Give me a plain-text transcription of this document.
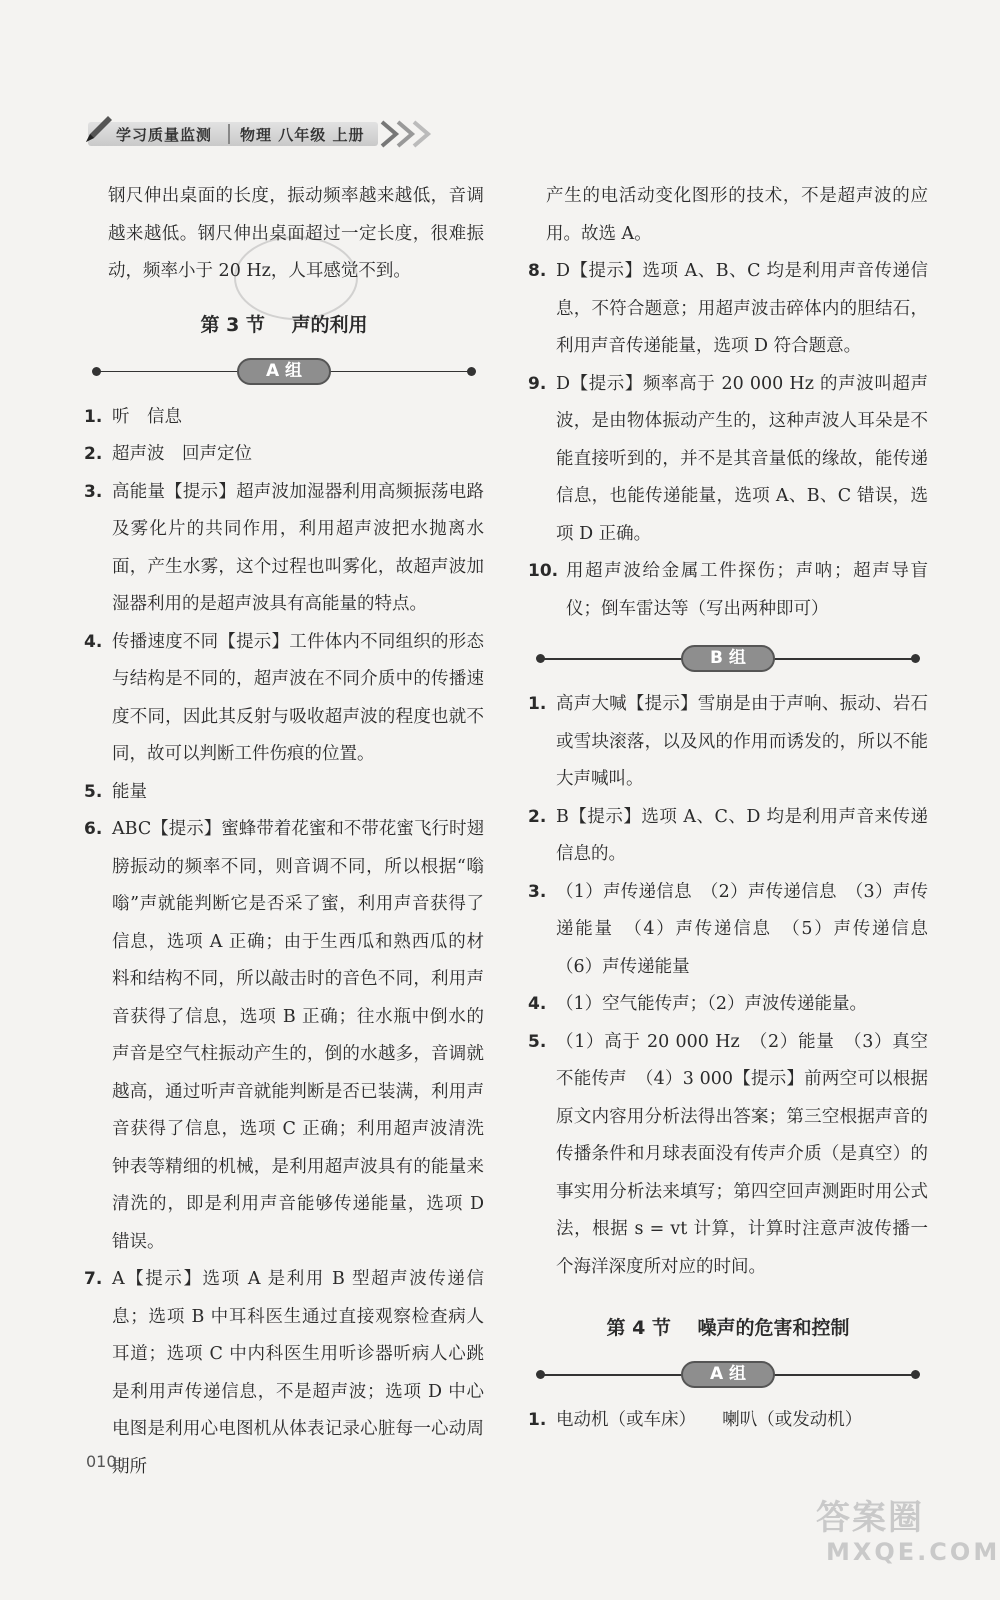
学习质量监测 物理 八年级 上册

钢尺伸出桌面的长度，振动频率越来越低，音调越来越低。钢尺伸出桌面超过一定长度，很难振动，频率小于 20 Hz，人耳感觉不到。

第 3 节 声的利用
A 组
1. 听　信息
2. 超声波　回声定位
3. 高能量【提示】超声波加湿器利用高频振荡电路及雾化片的共同作用，利用超声波把水抛离水面，产生水雾，这个过程也叫雾化，故超声波加湿器利用的是超声波具有高能量的特点。
4. 传播速度不同【提示】工件体内不同组织的形态与结构是不同的，超声波在不同介质中的传播速度不同，因此其反射与吸收超声波的程度也就不同，故可以判断工件伤痕的位置。
5. 能量
6. ABC【提示】蜜蜂带着花蜜和不带花蜜飞行时翅膀振动的频率不同，则音调不同，所以根据“嗡嗡”声就能判断它是否采了蜜，利用声音获得了信息，选项 A 正确；由于生西瓜和熟西瓜的材料和结构不同，所以敲击时的音色不同，利用声音获得了信息，选项 B 正确；往水瓶中倒水的声音是空气柱振动产生的，倒的水越多，音调就越高，通过听声音就能判断是否已装满，利用声音获得了信息，选项 C 正确；利用超声波清洗钟表等精细的机械，是利用超声波具有的能量来清洗的，即是利用声音能够传递能量，选项 D 错误。
7. A【提示】选项 A 是利用 B 型超声波传递信息；选项 B 中耳科医生通过直接观察检查病人耳道；选项 C 中内科医生用听诊器听病人心跳是利用声传递信息，不是超声波；选项 D 中心电图是利用心电图机从体表记录心脏每一心动周期所

产生的电活动变化图形的技术，不是超声波的应用。故选 A。

8. D【提示】选项 A、B、C 均是利用声音传递信息，不符合题意；用超声波击碎体内的胆结石，利用声音传递能量，选项 D 符合题意。
9. D【提示】频率高于 20 000 Hz 的声波叫超声波，是由物体振动产生的，这种声波人耳朵是不能直接听到的，并不是其音量低的缘故，能传递信息，也能传递能量，选项 A、B、C 错误，选项 D 正确。
10. 用超声波给金属工件探伤；声呐；超声导盲仪；倒车雷达等（写出两种即可）
B 组
1. 高声大喊【提示】雪崩是由于声响、振动、岩石或雪块滚落，以及风的作用而诱发的，所以不能大声喊叫。
2. B【提示】选项 A、C、D 均是利用声音来传递信息的。
3. （1）声传递信息　（2）声传递信息　（3）声传递能量　（4）声传递信息　（5）声传递信息　（6）声传递能量
4. （1）空气能传声；（2）声波传递能量。
5. （1）高于 20 000 Hz　（2）能量　（3）真空不能传声　（4）3 000【提示】前两空可以根据原文内容用分析法得出答案；第三空根据声音的传播条件和月球表面没有传声介质（是真空）的事实用分析法来填写；第四空回声测距时用公式法，根据 s = vt 计算，计算时注意声波传播一个海洋深度所对应的时间。
第 4 节 噪声的危害和控制
A 组
1. 电动机（或车床）　　喇叭（或发动机）
010
答案圈
MXQE.COM
